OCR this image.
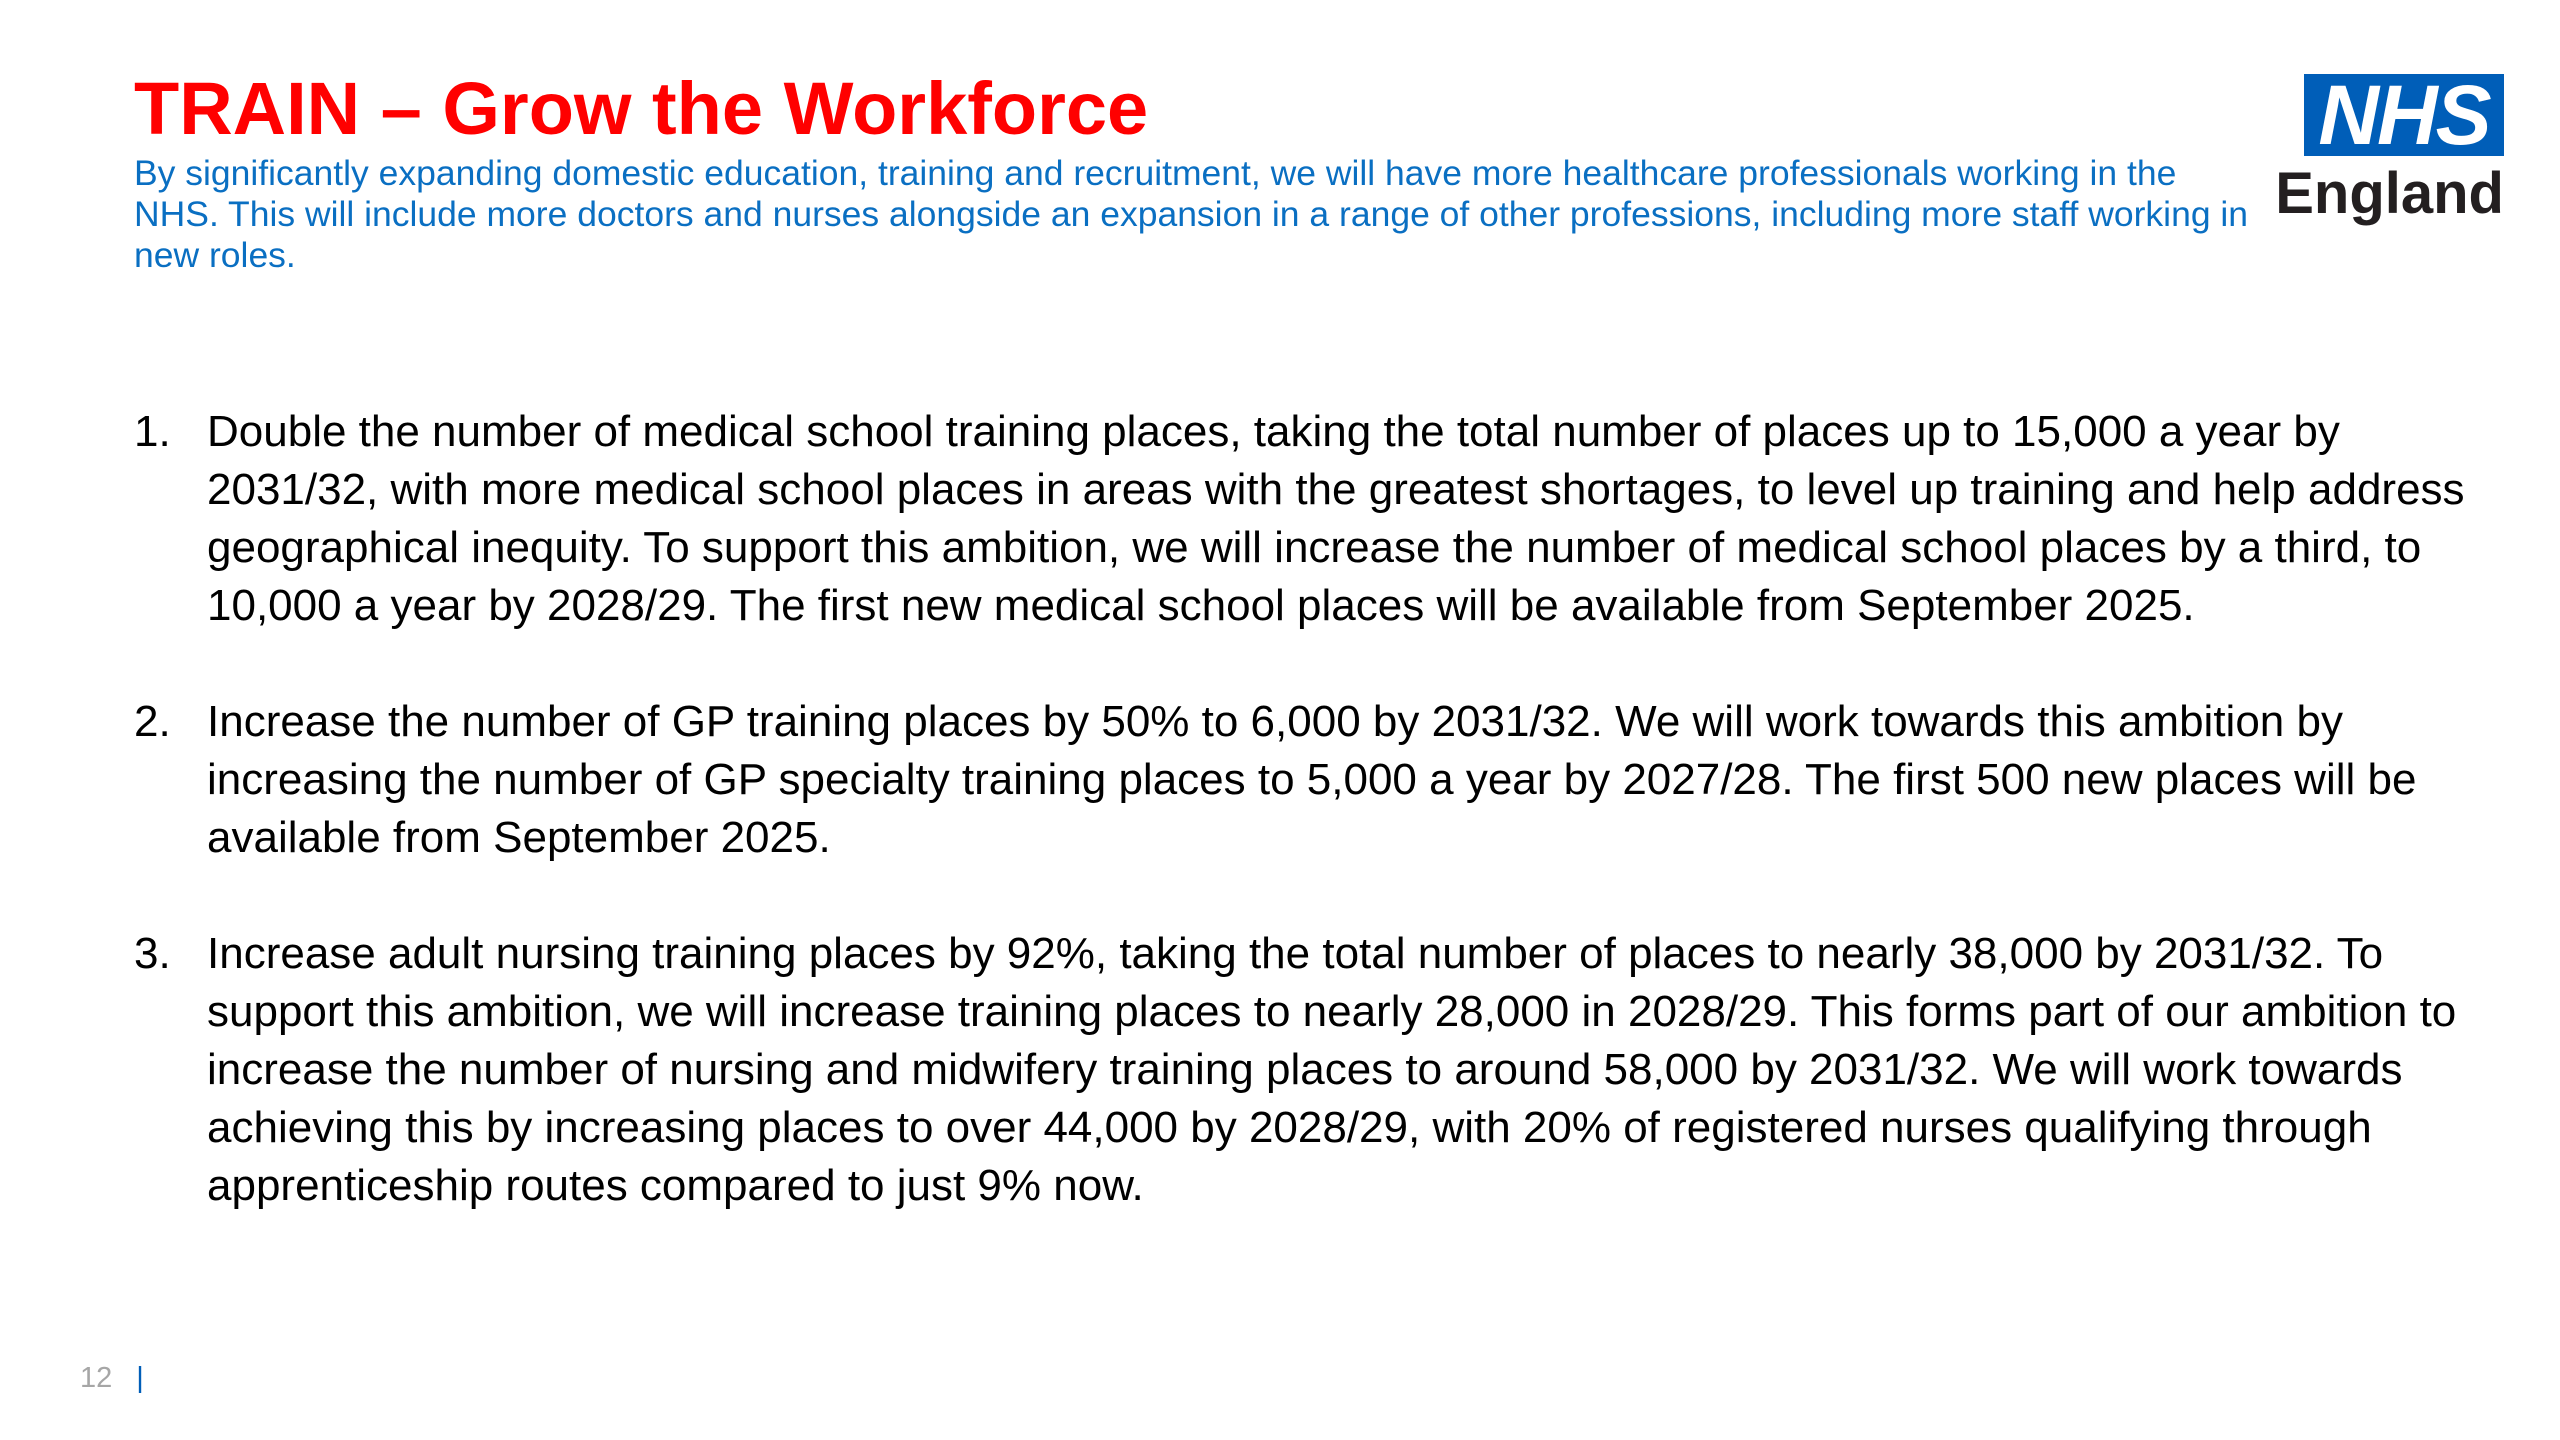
TRAIN – Grow the Workforce

By significantly expanding domestic education, training and recruitment, we will have more healthcare professionals working in the NHS. This will include more doctors and nurses alongside an expansion in a range of other professions, including more staff working in new roles.

NHS
England
1. Double the number of medical school training places, taking the total number of places up to 15,000 a year by 2031/32, with more medical school places in areas with the greatest shortages, to level up training and help address geographical inequity. To support this ambition, we will increase the number of medical school places by a third, to 10,000 a year by 2028/29. The first new medical school places will be available from September 2025.
2. Increase the number of GP training places by 50% to 6,000 by 2031/32. We will work towards this ambition by increasing the number of GP specialty training places to 5,000 a year by 2027/28. The first 500 new places will be available from September 2025.
3. Increase adult nursing training places by 92%, taking the total number of places to nearly 38,000 by 2031/32. To support this ambition, we will increase training places to nearly 28,000 in 2028/29. This forms part of our ambition to increase the number of nursing and midwifery training places to around 58,000 by 2031/32. We will work towards achieving this by increasing places to over 44,000 by 2028/29, with 20% of registered nurses qualifying through apprenticeship routes compared to just 9% now.
12 |
